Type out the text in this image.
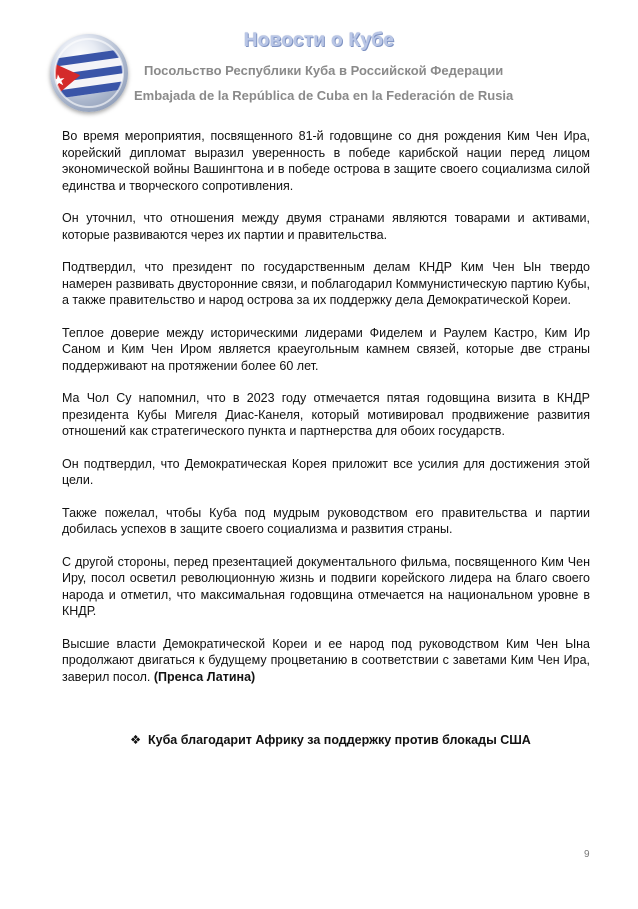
Новости о Кубе
Посольство Республики Куба в Российской Федерации
Embajada de la República de Cuba en la Federación de Rusia

Во время мероприятия, посвященного 81-й годовщине со дня рождения Ким Чен Ира, корейский дипломат выразил уверенность в победе карибской нации перед лицом экономической войны Вашингтона и в победе острова в защите своего социализма силой единства и творческого сопротивления.

Он уточнил, что отношения между двумя странами являются товарами и активами, которые развиваются через их партии и правительства.

Подтвердил, что президент по государственным делам КНДР Ким Чен Ын твердо намерен развивать двусторонние связи, и поблагодарил Коммунистическую партию Кубы, а также правительство и народ острова за их поддержку дела Демократической Кореи.

Теплое доверие между историческими лидерами Фиделем и Раулем Кастро, Ким Ир Саном и Ким Чен Иром является краеугольным камнем связей, которые две страны поддерживают на протяжении более 60 лет.

Ма Чол Су напомнил, что в 2023 году отмечается пятая годовщина визита в КНДР президента Кубы Мигеля Диас-Канеля, который мотивировал продвижение развития отношений как стратегического пункта и партнерства для обоих государств.

Он подтвердил, что Демократическая Корея приложит все усилия для достижения этой цели.

Также пожелал, чтобы Куба под мудрым руководством его правительства и партии добилась успехов в защите своего социализма и развития страны.

С другой стороны, перед презентацией документального фильма, посвященного Ким Чен Иру, посол осветил революционную жизнь и подвиги корейского лидера на благо своего народа и отметил, что максимальная годовщина отмечается на национальном уровне в КНДР.

Высшие власти Демократической Кореи и ее народ под руководством Ким Чен Ына продолжают двигаться к будущему процветанию в соответствии с заветами Ким Чен Ира, заверил посол. (Пренса Латина)

❖ Куба благодарит Африку за поддержку против блокады США
9
